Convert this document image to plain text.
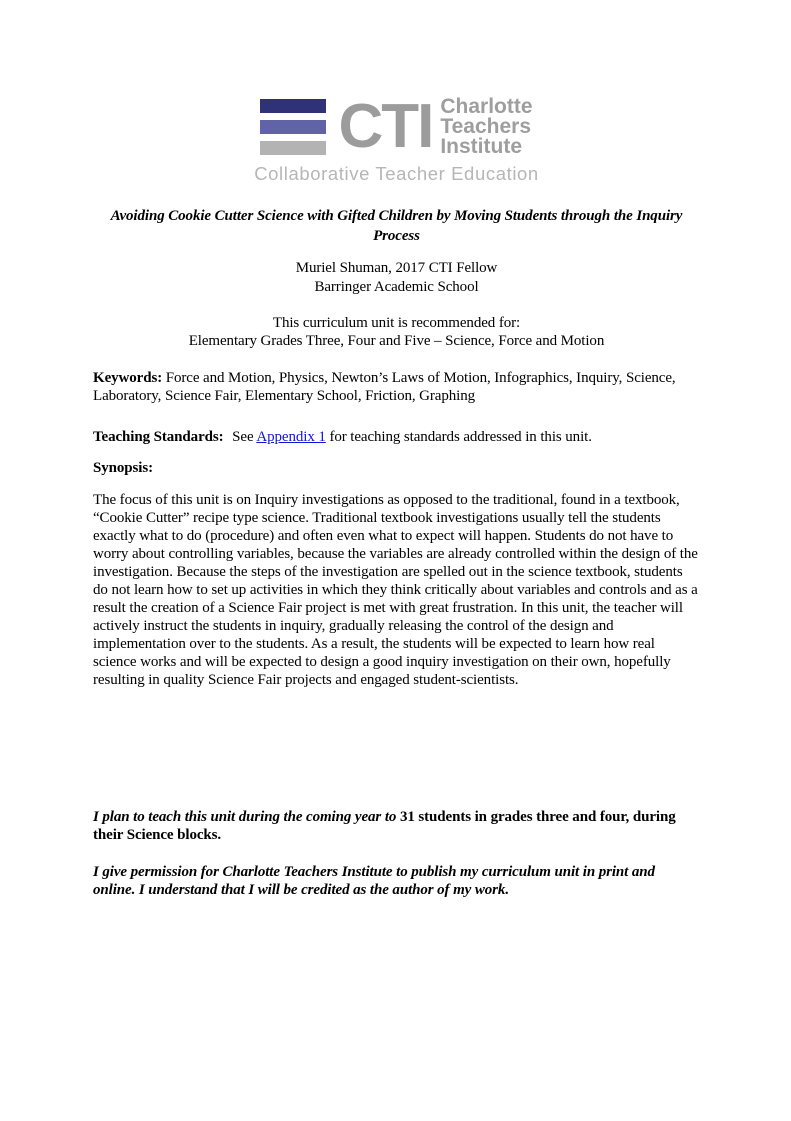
CTI Charlotte
Teachers
Institute
Collaborative Teacher Education

Avoiding Cookie Cutter Science with Gifted Children by Moving Students through the Inquiry Process

Muriel Shuman, 2017 CTI Fellow

Barringer Academic School

This curriculum unit is recommended for:

Elementary Grades Three, Four and Five – Science, Force and Motion

Keywords: Force and Motion, Physics, Newton’s Laws of Motion, Infographics, Inquiry, Science, Laboratory, Science Fair, Elementary School, Friction, Graphing

Teaching Standards: See Appendix 1 for teaching standards addressed in this unit.

Synopsis:

The focus of this unit is on Inquiry investigations as opposed to the traditional, found in a textbook, “Cookie Cutter” recipe type science. Traditional textbook investigations usually tell the students exactly what to do (procedure) and often even what to expect will happen. Students do not have to worry about controlling variables, because the variables are already controlled within the design of the investigation. Because the steps of the investigation are spelled out in the science textbook, students do not learn how to set up activities in which they think critically about variables and controls and as a result the creation of a Science Fair project is met with great frustration. In this unit, the teacher will actively instruct the students in inquiry, gradually releasing the control of the design and implementation over to the students. As a result, the students will be expected to learn how real science works and will be expected to design a good inquiry investigation on their own, hopefully resulting in quality Science Fair projects and engaged student-scientists.

I plan to teach this unit during the coming year to 31 students in grades three and four, during their Science blocks.

I give permission for Charlotte Teachers Institute to publish my curriculum unit in print and online. I understand that I will be credited as the author of my work.
